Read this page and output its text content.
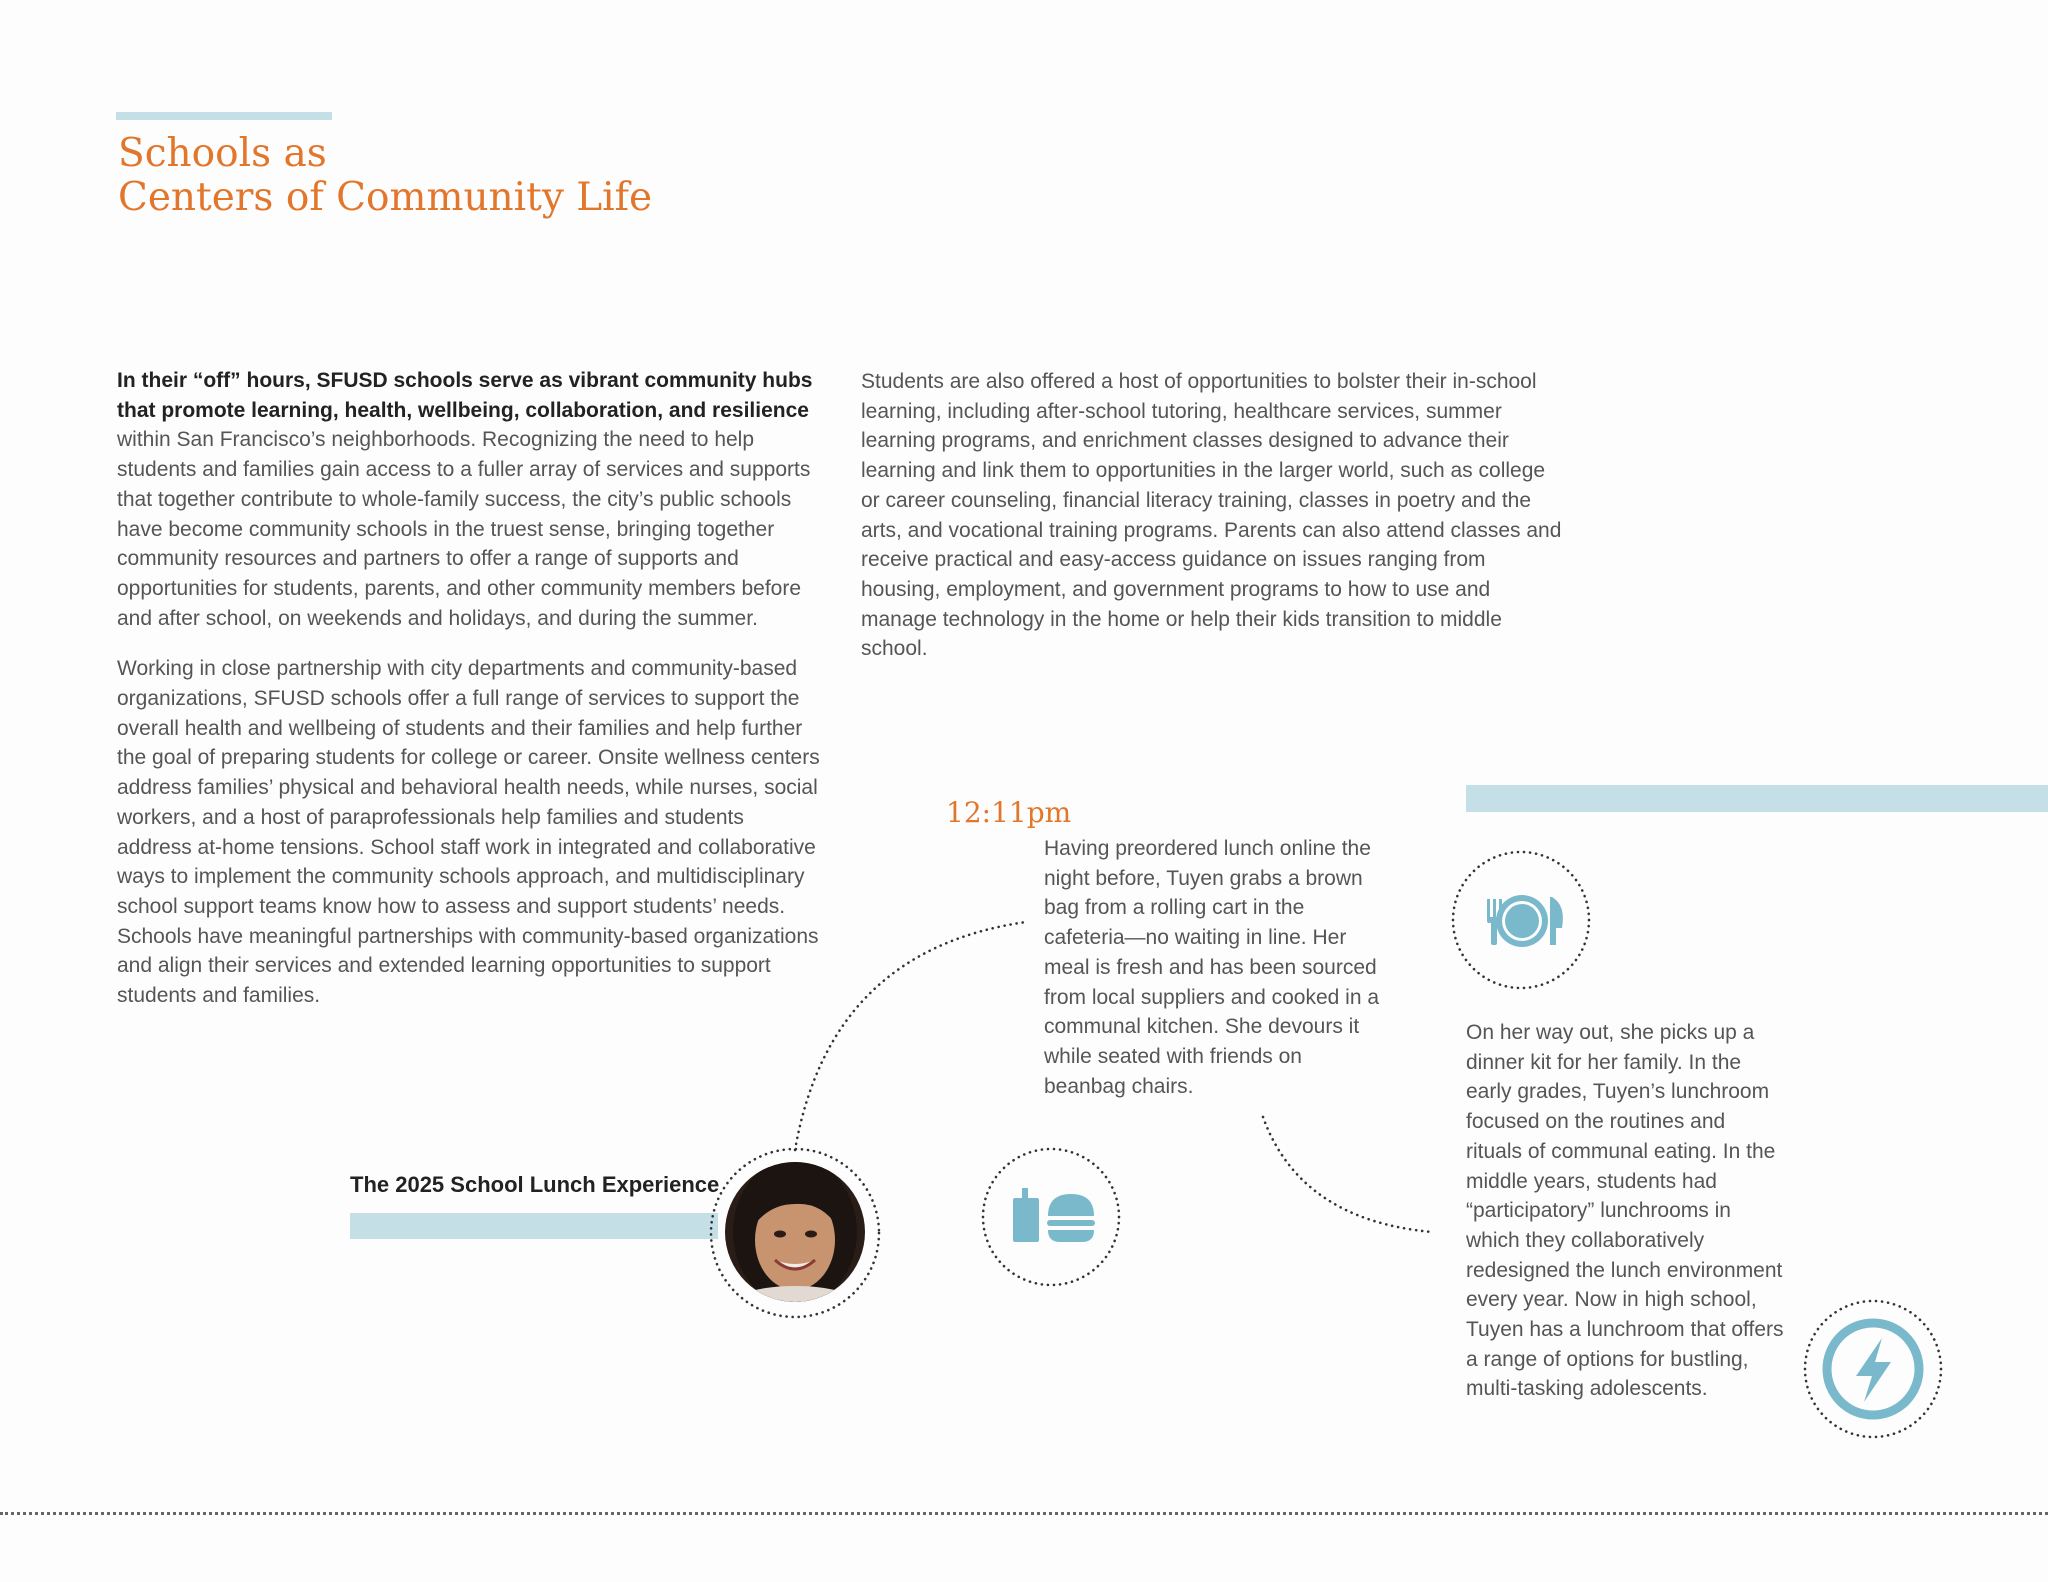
Schools as
Centers of Community Life

In their “off” hours, SFUSD schools serve as vibrant community hubs that promote learning, health, wellbeing, collaboration, and resilience within San Francisco’s neighborhoods. Recognizing the need to help students and families gain access to a fuller array of services and supports that together contribute to whole-family success, the city’s public schools have become community schools in the truest sense, bringing together community resources and partners to offer a range of supports and opportunities for students, parents, and other community members before and after school, on weekends and holidays, and during the summer.

Working in close partnership with city departments and community-based organizations, SFUSD schools offer a full range of services to support the overall health and wellbeing of students and their families and help further the goal of preparing students for college or career. Onsite wellness centers address families’ physical and behavioral health needs, while nurses, social workers, and a host of paraprofessionals help families and students address at-home tensions. School staff work in integrated and collaborative ways to implement the community schools approach, and multidisciplinary school support teams know how to assess and support students’ needs. Schools have meaningful partnerships with community-based organizations and align their services and extended learning opportunities to support students and families.

Students are also offered a host of opportunities to bolster their in-school learning, including after-school tutoring, healthcare services, summer learning programs, and enrichment classes designed to advance their learning and link them to opportunities in the larger world, such as college or career counseling, financial literacy training, classes in poetry and the arts, and vocational training programs. Parents can also attend classes and receive practical and easy-access guidance on issues ranging from housing, employment, and government programs to how to use and manage technology in the home or help their kids transition to middle school.

12:11pm

Having preordered lunch online the night before, Tuyen grabs a brown bag from a rolling cart in the cafeteria—no waiting in line. Her meal is fresh and has been sourced from local suppliers and cooked in a communal kitchen. She devours it while seated with friends on beanbag chairs.

On her way out, she picks up a dinner kit for her family. In the early grades, Tuyen’s lunchroom focused on the routines and rituals of communal eating. In the middle years, students had “participatory” lunchrooms in which they collaboratively redesigned the lunch environment every year. Now in high school, Tuyen has a lunchroom that offers a range of options for bustling, multi-tasking adolescents.

The 2025 School Lunch Experience
